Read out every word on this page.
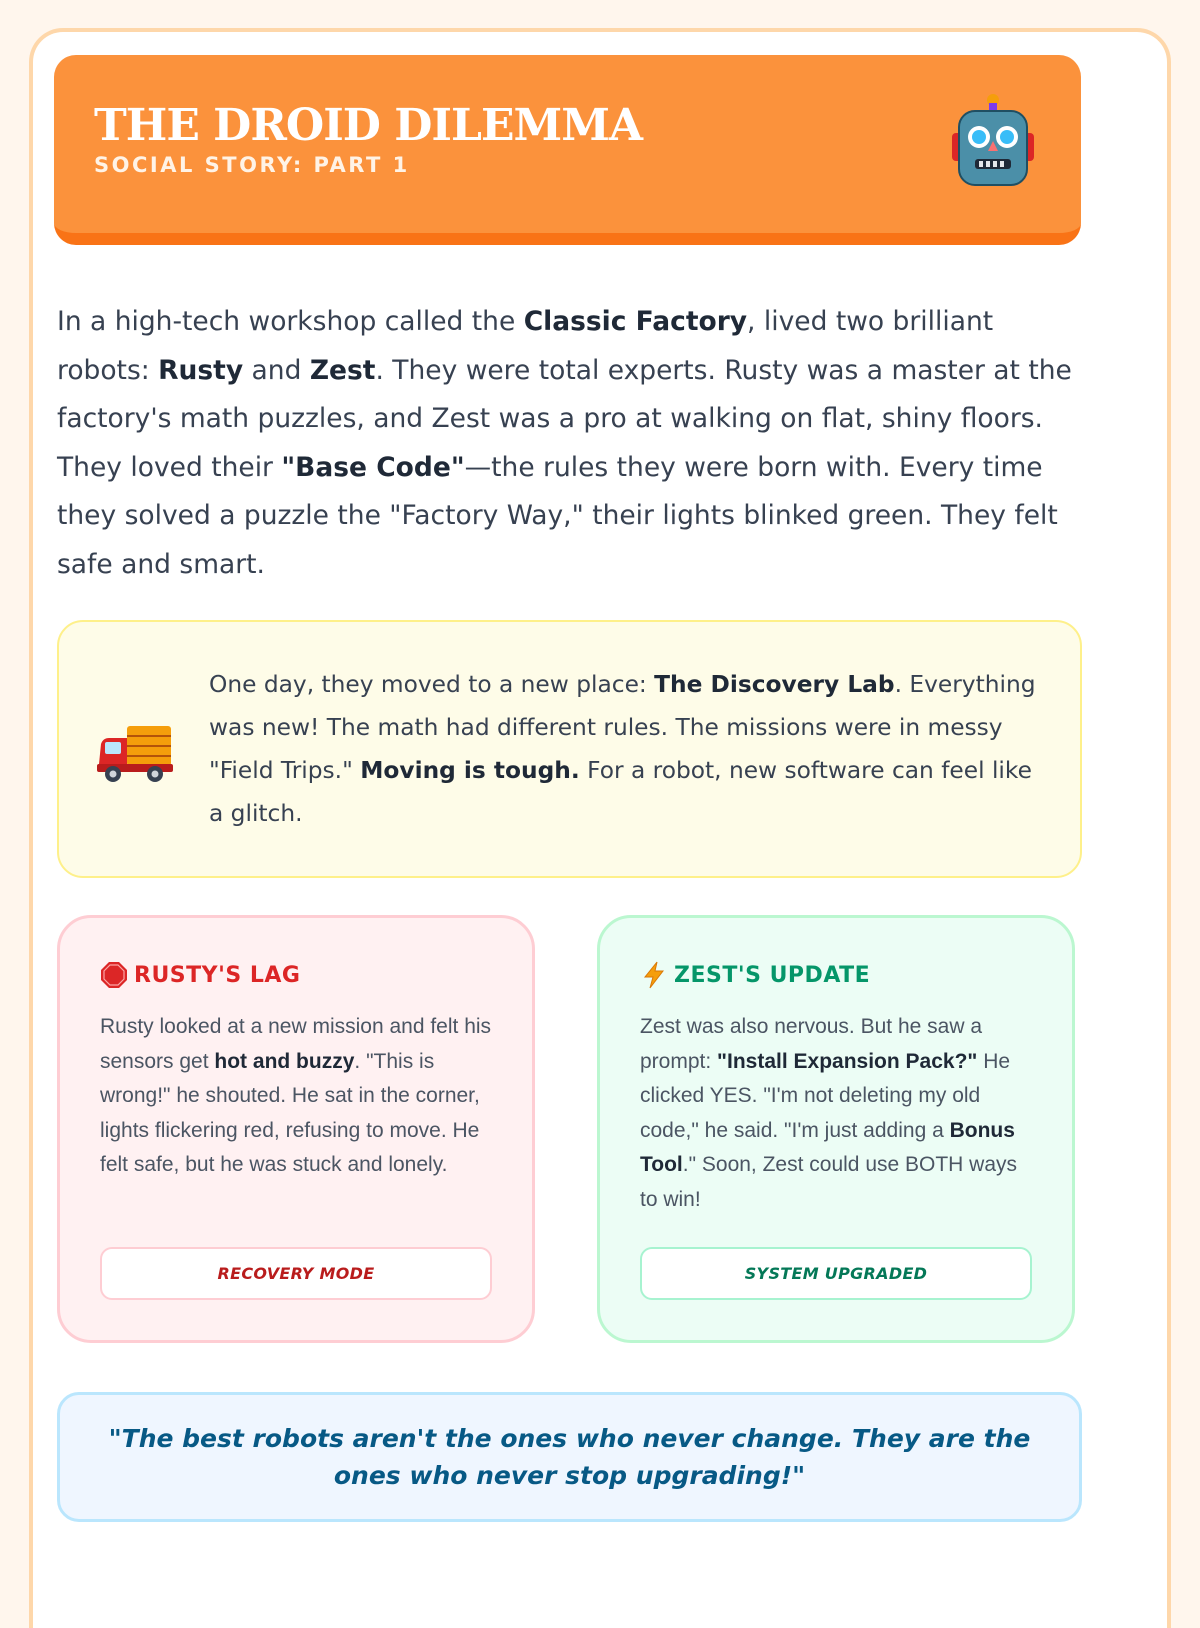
THE DROID DILEMMA
SOCIAL STORY: PART 1
In a high-tech workshop called the Classic Factory, lived two brilliant robots: Rusty and Zest. They were total experts. Rusty was a master at the factory's math puzzles, and Zest was a pro at walking on flat, shiny floors. They loved their "Base Code"—the rules they were born with. Every time they solved a puzzle the "Factory Way," their lights blinked green. They felt safe and smart.
One day, they moved to a new place: The Discovery Lab. Everything was new! The math had different rules. The missions were in messy "Field Trips." Moving is tough. For a robot, new software can feel like a glitch.
RUSTY'S LAG
Rusty looked at a new mission and felt his sensors get hot and buzzy. "This is wrong!" he shouted. He sat in the corner, lights flickering red, refusing to move. He felt safe, but he was stuck and lonely.
RECOVERY MODE
ZEST'S UPDATE
Zest was also nervous. But he saw a prompt: "Install Expansion Pack?" He clicked YES. "I'm not deleting my old code," he said. "I'm just adding a Bonus Tool." Soon, Zest could use BOTH ways to win!
SYSTEM UPGRADED
"The best robots aren't the ones who never change. They are the ones who never stop upgrading!"
